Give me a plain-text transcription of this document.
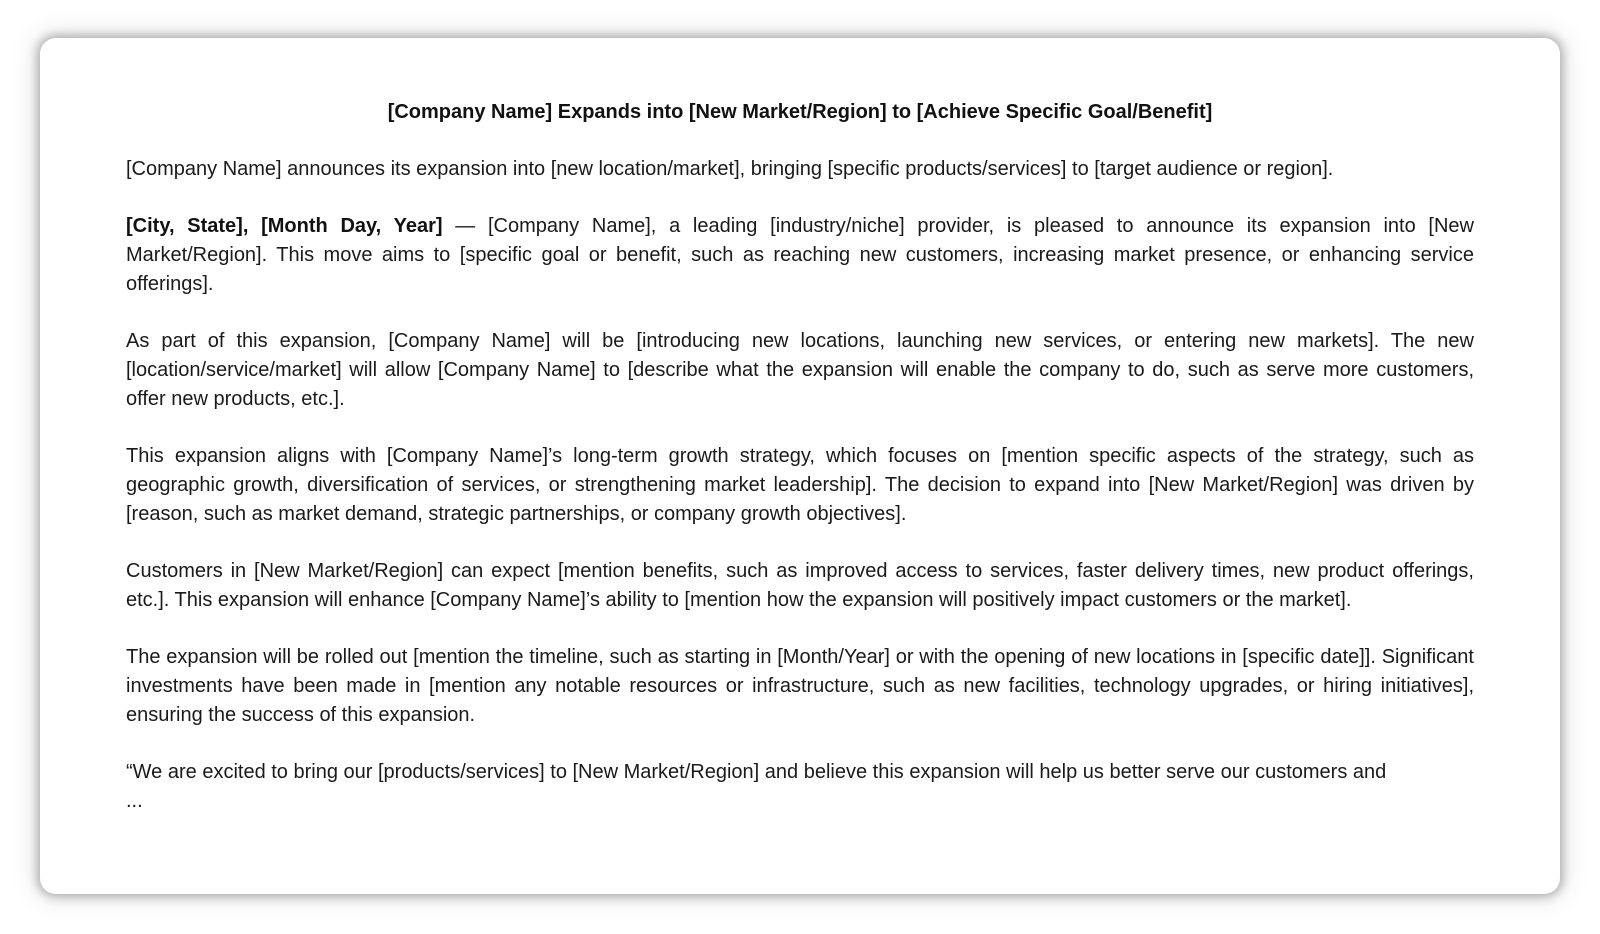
[Company Name] Expands into [New Market/Region] to [Achieve Specific Goal/Benefit]

[Company Name] announces its expansion into [new location/market], bringing [specific products/services] to [target audience or region].

[City, State], [Month Day, Year] — [Company Name], a leading [industry/niche] provider, is pleased to announce its expansion into [New Market/Region]. This move aims to [specific goal or benefit, such as reaching new customers, increasing market presence, or enhancing service offerings].

As part of this expansion, [Company Name] will be [introducing new locations, launching new services, or entering new markets]. The new [location/service/market] will allow [Company Name] to [describe what the expansion will enable the company to do, such as serve more customers, offer new products, etc.].

This expansion aligns with [Company Name]’s long-term growth strategy, which focuses on [mention specific aspects of the strategy, such as geographic growth, diversification of services, or strengthening market leadership]. The decision to expand into [New Market/Region] was driven by [reason, such as market demand, strategic partnerships, or company growth objectives].

Customers in [New Market/Region] can expect [mention benefits, such as improved access to services, faster delivery times, new product offerings, etc.]. This expansion will enhance [Company Name]’s ability to [mention how the expansion will positively impact customers or the market].

The expansion will be rolled out [mention the timeline, such as starting in [Month/Year] or with the opening of new locations in [specific date]]. Significant investments have been made in [mention any notable resources or infrastructure, such as new facilities, technology upgrades, or hiring initiatives], ensuring the success of this expansion.

“We are excited to bring our [products/services] to [New Market/Region] and believe this expansion will help us better serve our customers and
...
